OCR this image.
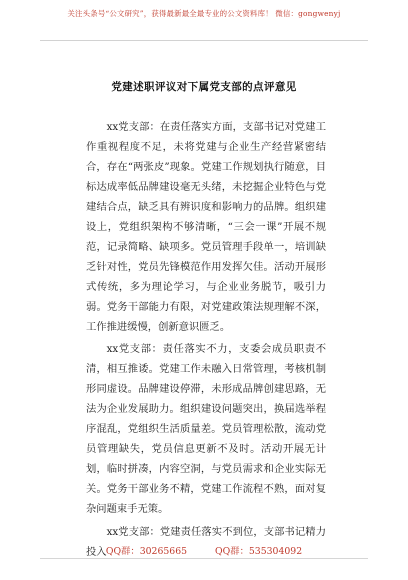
关注头条号“公文研究”，获得最新最全最专业的公文资料库！ 微信：gongwenyj
党建述职评议对下属党支部的点评意见

xx党支部：在责任落实方面，支部书记对党建工作重视程度不足，未将党建与企业生产经营紧密结合，存在“两张皮”现象。党建工作规划执行随意，目标达成率低品牌建设毫无头绪，未挖掘企业特色与党建结合点，缺乏具有辨识度和影响力的品牌。组织建设上，党组织架构不够清晰，“三会一课”开展不规范，记录简略、缺项多。党员管理手段单一，培训缺乏针对性，党员先锋模范作用发挥欠佳。活动开展形式传统，多为理论学习，与企业业务脱节，吸引力弱。党务干部能力有限，对党建政策法规理解不深，工作推进缓慢，创新意识匮乏。

xx党支部：责任落实不力，支委会成员职责不清，相互推诿。党建工作未融入日常管理，考核机制形同虚设。品牌建设停滞，未形成品牌创建思路，无法为企业发展助力。组织建设问题突出，换届选举程序混乱，党组织生活质量差。党员管理松散，流动党员管理缺失，党员信息更新不及时。活动开展无计划，临时拼凑，内容空洞，与党员需求和企业实际无关。党务干部业务不精，党建工作流程不熟，面对复杂问题束手无策。

xx党支部：党建责任落实不到位，支部书记精力投入 QQ群：30265665	QQ群：535304092
